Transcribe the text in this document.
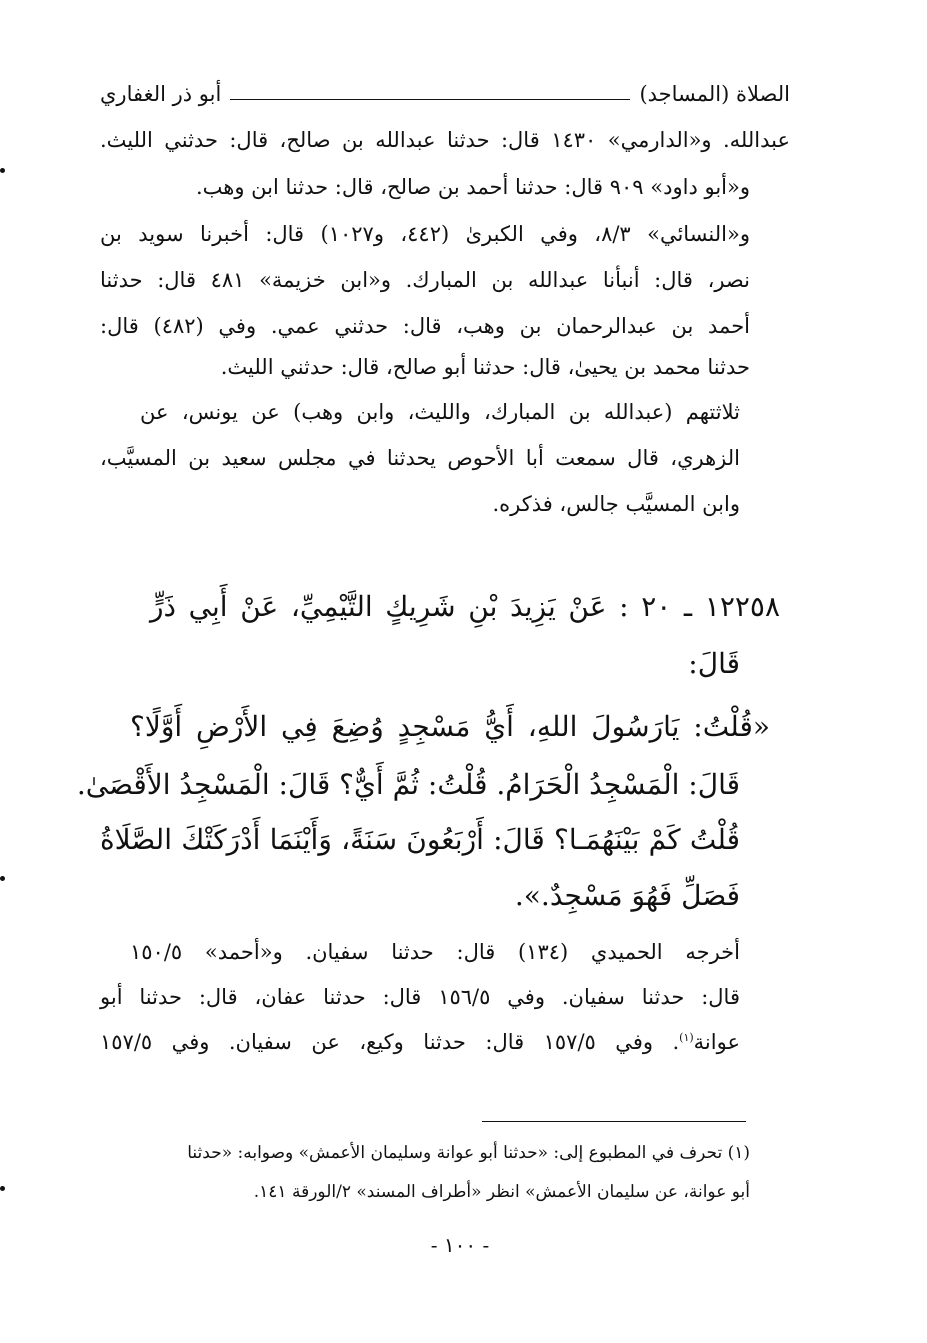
الصلاة (المساجد)
أبو ذر الغفاري
عبدالله. و«الدارمي» ١٤٣٠ قال: حدثنا عبدالله بن صالح، قال: حدثني الليث.
و«أبو داود» ٩٠٩ قال: حدثنا أحمد بن صالح، قال: حدثنا ابن وهب.
و«النسائي» ٨/٣، وفي الكبرىٰ (٤٤٢، و١٠٢٧) قال: أخبرنا سويد بن
نصر، قال: أنبأنا عبدالله بن المبارك. و«ابن خزيمة» ٤٨١ قال: حدثنا
أحمد بن عبدالرحمان بن وهب، قال: حدثني عمي. وفي (٤٨٢) قال:
حدثنا محمد بن يحيىٰ، قال: حدثنا أبو صالح، قال: حدثني الليث.
ثلاثتهم (عبدالله بن المبارك، والليث، وابن وهب) عن يونس، عن
الزهري، قال سمعت أبا الأحوص يحدثنا في مجلس سعيد بن المسيَّب،
وابن المسيَّب جالس، فذكره.
١٢٢٥٨ ـ ٢٠ : عَنْ يَزِيدَ بْنِ شَرِيكٍ التَّيْمِيِّ، عَنْ أَبِي ذَرٍّ
قَالَ:
«قُلْتُ: يَارَسُولَ اللهِ، أَيُّ مَسْجِدٍ وُضِعَ فِي الأَرْضِ أَوَّلًا؟
قَالَ: الْمَسْجِدُ الْحَرَامُ. قُلْتُ: ثُمَّ أَيٌّ؟ قَالَ: الْمَسْجِدُ الأَقْصَىٰ.
قُلْتُ كَمْ بَيْنَهُمَـا؟ قَالَ: أَرْبَعُونَ سَنَةً، وَأَيْنَمَا أَدْرَكَتْكَ الصَّلَاةُ
فَصَلِّ فَهُوَ مَسْجِدٌ.».
أخرجه الحميدي (١٣٤) قال: حدثنا سفيان. و«أحمد» ١٥٠/٥
قال: حدثنا سفيان. وفي ١٥٦/٥ قال: حدثنا عفان، قال: حدثنا أبو
عوانة$^{(١)}$. وفي ١٥٧/٥ قال: حدثنا وكيع، عن سفيان. وفي ١٥٧/٥
(١) تحرف في المطبوع إلى: «حدثنا أبو عوانة وسليمان الأعمش» وصوابه: «حدثنا
أبو عوانة، عن سليمان الأعمش» انظر «أطراف المسند» ٢/الورقة ١٤١.
- ١٠٠ -
